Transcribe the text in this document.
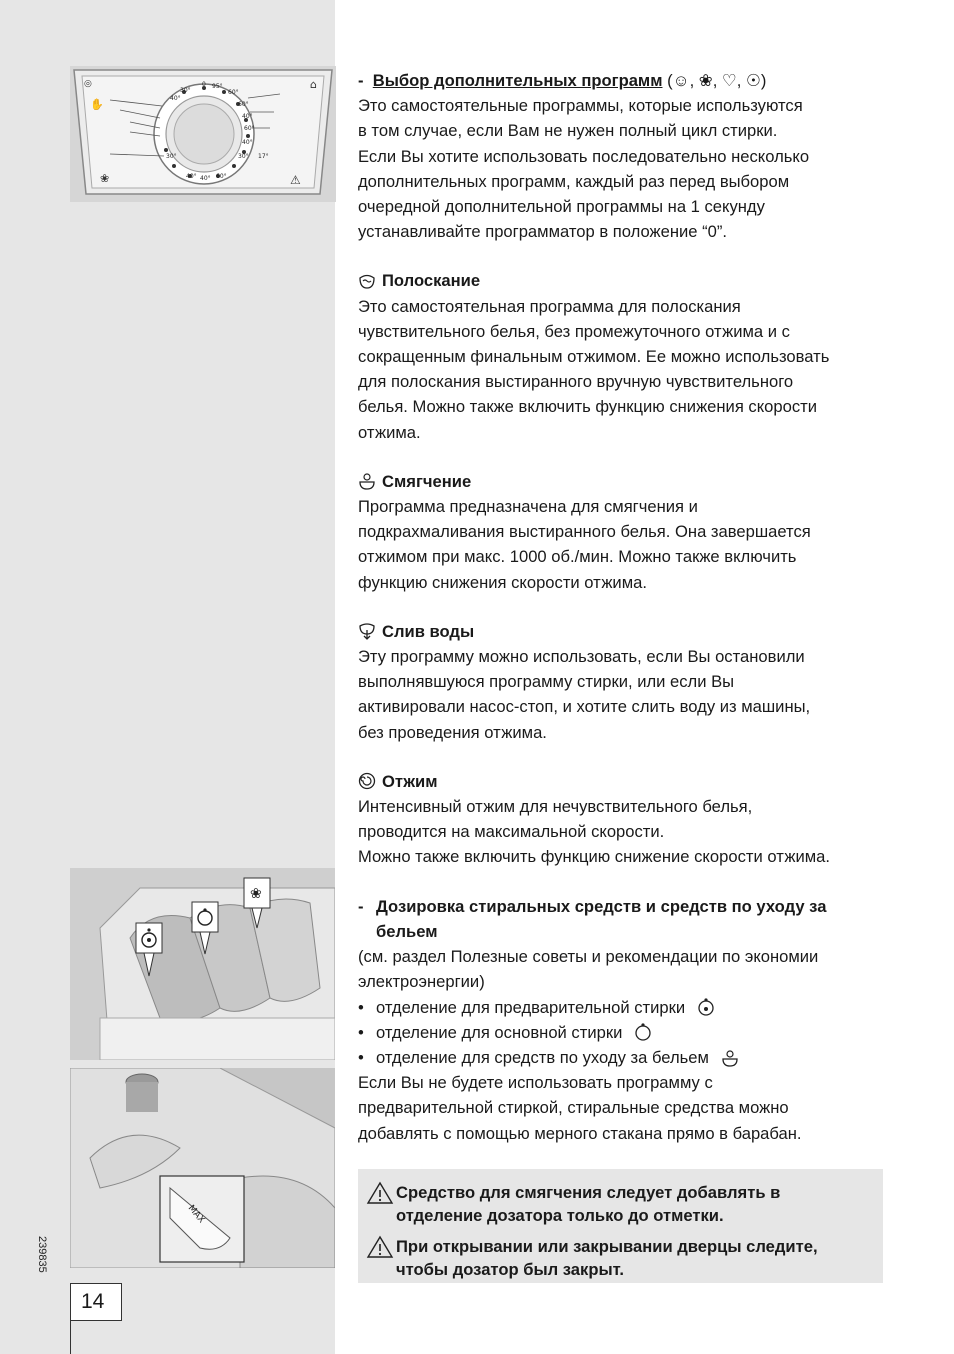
◎	⌂
✋
❀	⚠
30°
40°
0 95°
60°
60°
40°
60°
40°
30°
30°
40° 40° 60°
17°
❀
MAX
239835
14

- Выбор дополнительных программ (☺, ❀, ♡, ☉)

Это самостоятельные программы, которые используются

в том случае, если Вам не нужен полный цикл стирки.

Если Вы хотите использовать последовательно несколько

дополнительных программ, каждый раз перед выбором

очередной дополнительной программы на 1 секунду

устанавливайте программатор в положение “0”.

Полоскание

Это самостоятельная программа для полоскания

чувствительного белья, без промежуточного отжима и с

сокращенным финальным отжимом. Ее можно использовать

для полоскания выстиранного вручную чувствительного

белья. Можно также включить функцию снижения скорости

отжима.

Смягчение

Программа предназначена для смягчения и

подкрахмаливания выстиранного белья. Она завершается

отжимом при макс. 1000 об./мин. Можно также включить

функцию снижения скорости отжима.

Слив воды

Эту программу можно использовать, если Вы остановили

выполнявшуюся программу стирки, или если Вы

активировали насос-стоп, и хотите слить воду из машины,

без проведения отжима.

Отжим

Интенсивный отжим для нечувствительного белья,

проводится на максимальной скорости.

Можно также включить функцию снижение скорости отжима.

- Дозировка стиральных средств и средств по уходу за

бельем

(см. раздел Полезные советы и рекомендации по экономии

электроэнергии)

• отделение для предварительной стирки
• отделение для основной стирки
• отделение для средств по уходу за бельем

Если Вы не будете использовать программу с

предварительной стиркой, стиральные средства можно

добавлять с помощью мерного стакана прямо в барабан.

Средство для смягчения следует добавлять в
отделение дозатора только до отметки.
При открывании или закрывании дверцы следите,
чтобы дозатор был закрыт.
